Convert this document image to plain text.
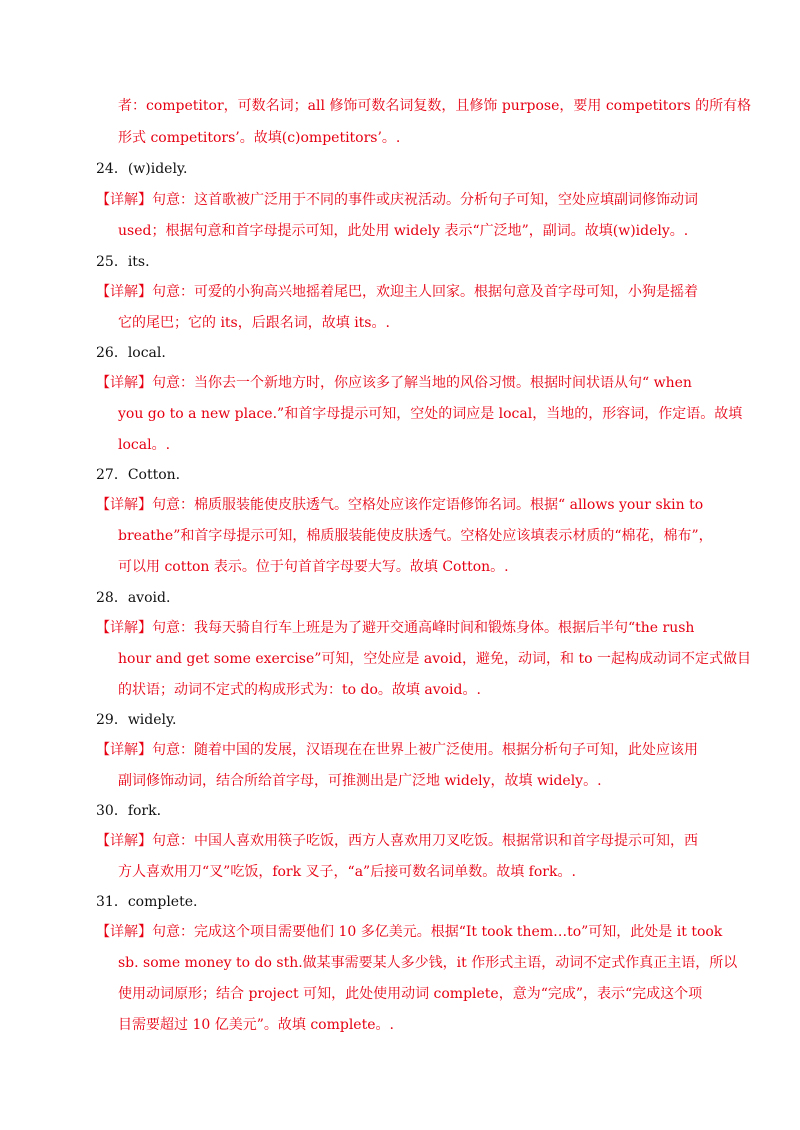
者：competitor，可数名词；all 修饰可数名词复数，且修饰 purpose，要用 competitors 的所有格
形式 competitors’。故填(c)ompetitors’。.
24．(w)idely.
【详解】句意：这首歌被广泛用于不同的事件或庆祝活动。分析句子可知，空处应填副词修饰动词
used；根据句意和首字母提示可知，此处用 widely 表示“广泛地”，副词。故填(w)idely。.
25．its.
【详解】句意：可爱的小狗高兴地摇着尾巴，欢迎主人回家。根据句意及首字母可知，小狗是摇着
它的尾巴；它的 its，后跟名词，故填 its。.
26．local.
【详解】句意：当你去一个新地方时，你应该多了解当地的风俗习惯。根据时间状语从句“ when
you go to a new place.”和首字母提示可知，空处的词应是 local，当地的，形容词，作定语。故填
local。.
27．Cotton.
【详解】句意：棉质服装能使皮肤透气。空格处应该作定语修饰名词。根据“ allows your skin to
breathe”和首字母提示可知，棉质服装能使皮肤透气。空格处应该填表示材质的“棉花，棉布”，
可以用 cotton 表示。位于句首首字母要大写。故填 Cotton。.
28．avoid.
【详解】句意：我每天骑自行车上班是为了避开交通高峰时间和锻炼身体。根据后半句“the rush
hour and get some exercise”可知，空处应是 avoid，避免，动词，和 to 一起构成动词不定式做目
的状语；动词不定式的构成形式为：to do。故填 avoid。.
29．widely.
【详解】句意：随着中国的发展，汉语现在在世界上被广泛使用。根据分析句子可知，此处应该用
副词修饰动词，结合所给首字母，可推测出是广泛地 widely，故填 widely。.
30．fork.
【详解】句意：中国人喜欢用筷子吃饭，西方人喜欢用刀叉吃饭。根据常识和首字母提示可知，西
方人喜欢用刀“叉”吃饭，fork 叉子，“a”后接可数名词单数。故填 fork。.
31．complete.
【详解】句意：完成这个项目需要他们 10 多亿美元。根据“It took them…to”可知，此处是 it took
sb. some money to do sth.做某事需要某人多少钱，it 作形式主语，动词不定式作真正主语，所以
使用动词原形；结合 project 可知，此处使用动词 complete，意为“完成”，表示“完成这个项
目需要超过 10 亿美元”。故填 complete。.
